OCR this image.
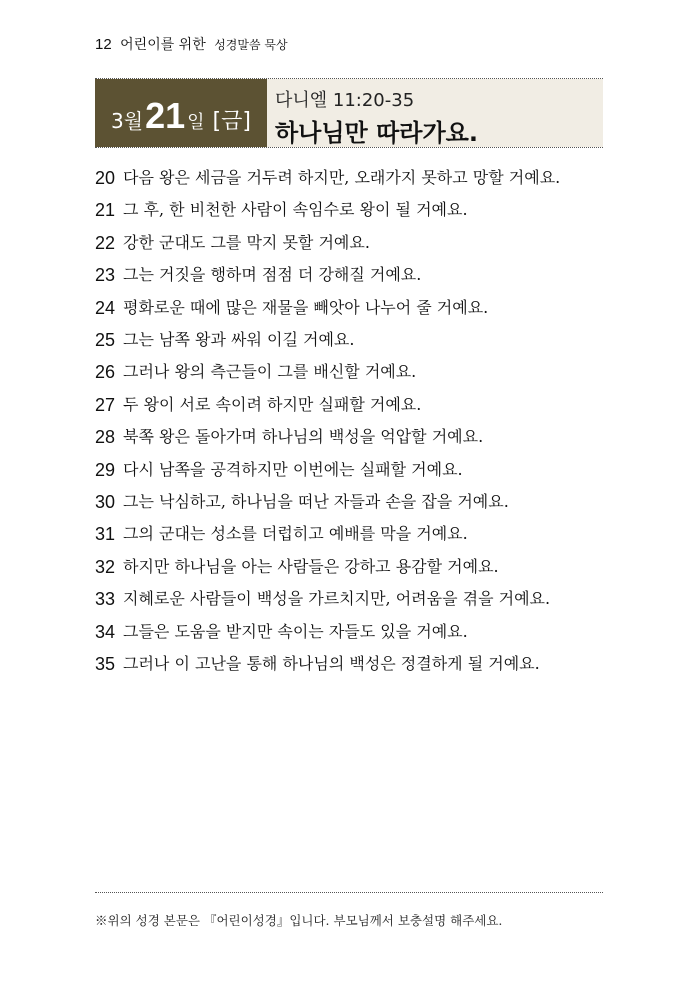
12 어린이를 위한 성경말씀 묵상
3월 21 일 [금]
다니엘 11:20-35
하나님만 따라가요.
20 다음 왕은 세금을 거두려 하지만, 오래가지 못하고 망할 거예요.
21 그 후, 한 비천한 사람이 속임수로 왕이 될 거예요.
22 강한 군대도 그를 막지 못할 거예요.
23 그는 거짓을 행하며 점점 더 강해질 거예요.
24 평화로운 때에 많은 재물을 빼앗아 나누어 줄 거예요.
25 그는 남쪽 왕과 싸워 이길 거예요.
26 그러나 왕의 측근들이 그를 배신할 거예요.
27 두 왕이 서로 속이려 하지만 실패할 거예요.
28 북쪽 왕은 돌아가며 하나님의 백성을 억압할 거예요.
29 다시 남쪽을 공격하지만 이번에는 실패할 거예요.
30 그는 낙심하고, 하나님을 떠난 자들과 손을 잡을 거예요.
31 그의 군대는 성소를 더럽히고 예배를 막을 거예요.
32 하지만 하나님을 아는 사람들은 강하고 용감할 거예요.
33 지혜로운 사람들이 백성을 가르치지만, 어려움을 겪을 거예요.
34 그들은 도움을 받지만 속이는 자들도 있을 거예요.
35 그러나 이 고난을 통해 하나님의 백성은 정결하게 될 거예요.
※위의 성경 본문은 『어린이성경』입니다. 부모님께서 보충설명 해주세요.
